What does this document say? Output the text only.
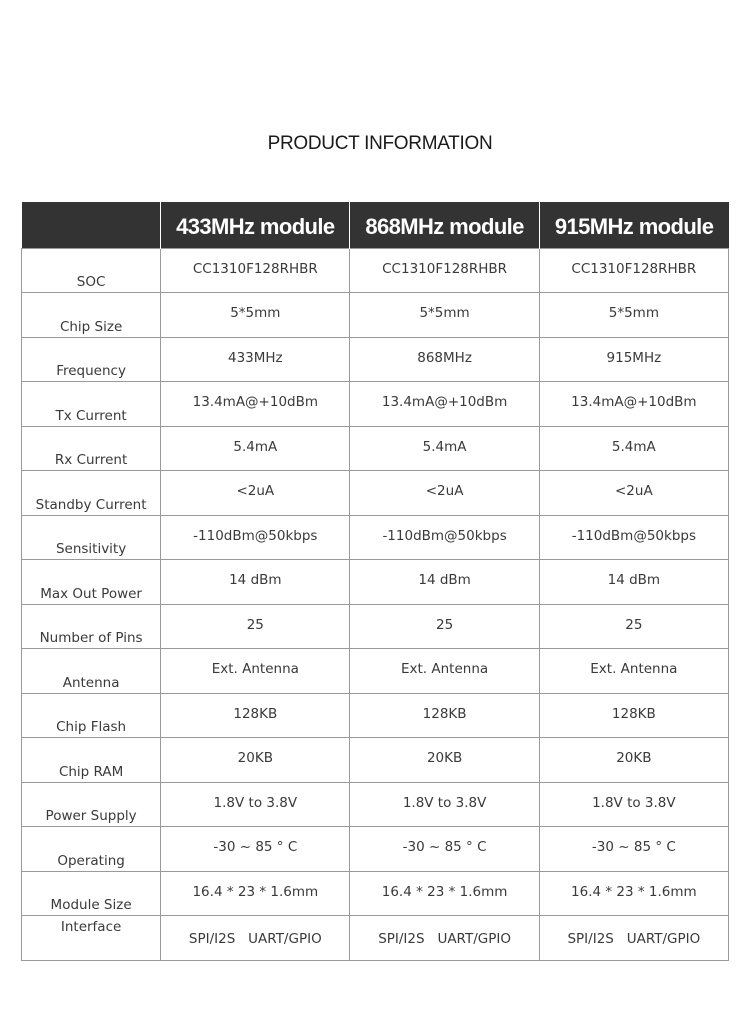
PRODUCT INFORMATION
	433MHz module	868MHz module	915MHz module
SOC	CC1310F128RHBR	CC1310F128RHBR	CC1310F128RHBR
Chip Size	5*5mm	5*5mm	5*5mm
Frequency	433MHz	868MHz	915MHz
Tx Current	13.4mA@+10dBm	13.4mA@+10dBm	13.4mA@+10dBm
Rx Current	5.4mA	5.4mA	5.4mA
Standby Current	<2uA	<2uA	<2uA
Sensitivity	-110dBm@50kbps	-110dBm@50kbps	-110dBm@50kbps
Max Out Power	14 dBm	14 dBm	14 dBm
Number of Pins	25	25	25
Antenna	Ext. Antenna	Ext. Antenna	Ext. Antenna
Chip Flash	128KB	128KB	128KB
Chip RAM	20KB	20KB	20KB
Power Supply	1.8V to 3.8V	1.8V to 3.8V	1.8V to 3.8V
Operating	-30 ~ 85 ° C	-30 ~ 85 ° C	-30 ~ 85 ° C
Module Size	16.4 * 23 * 1.6mm	16.4 * 23 * 1.6mm	16.4 * 23 * 1.6mm
Interface	SPI/I2S   UART/GPIO	SPI/I2S   UART/GPIO	SPI/I2S   UART/GPIO
